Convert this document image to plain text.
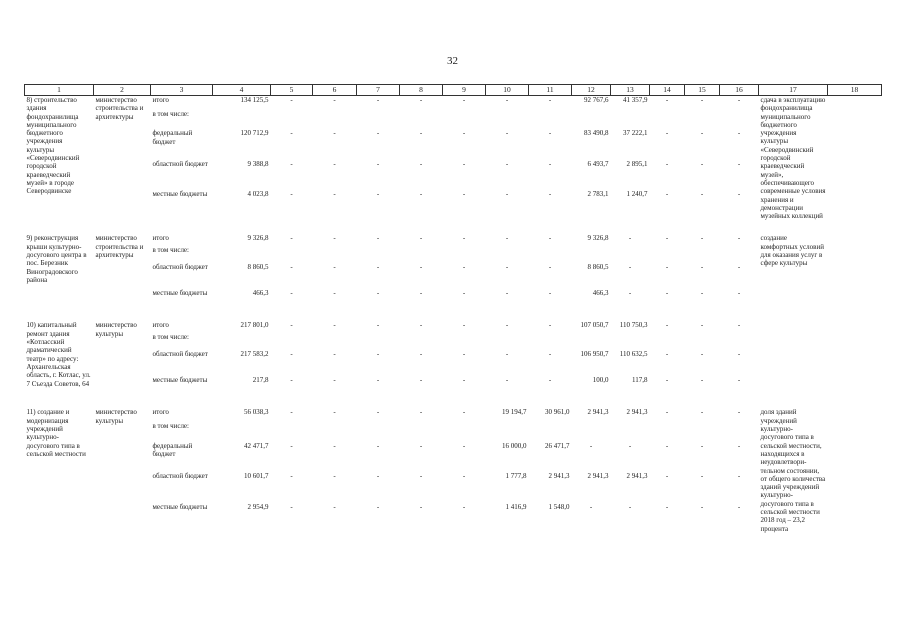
32
1	2	3	4	5	6	7	8	9	10	11	12	13	14	15	16	17	18
8) строительство здания фондохранилища муниципального бюджетного учреждения культуры «Северодвинский городской краеведческий музей» в городе Северодвинске	министерство строительства и архитектуры	итого	134 125,5	-	-	-	-	-	-	-	92 767,6	41 357,9	-	-	-	сдача в эксплуатацию фондохранилища муниципального бюджетного учреждения культуры «Северодвинский городской краеведческий музей», обеспечивающего современные условия хранения и демонстрации музейных коллекций	
		в том числе:															
		федеральный бюджет	120 712,9	-	-	-	-	-	-	-	83 490,8	37 222,1	-	-	-		
		областной бюджет	9 388,8	-	-	-	-	-	-	-	6 493,7	2 895,1	-	-	-		
		местные бюджеты	4 023,8	-	-	-	-	-	-	-	2 783,1	1 240,7	-	-	-		

9) реконструкция крыши культурно-досугового центра в пос. Березник Виноградовского района	министерство строительства и архитектуры	итого	9 326,8	-	-	-	-	-	-	-	9 326,8	-	-	-	-	создание комфортных условий для оказания услуг в сфере культуры	
		в том числе:															
		областной бюджет	8 860,5	-	-	-	-	-	-	-	8 860,5	-	-	-	-		
		местные бюджеты	466,3	-	-	-	-	-	-	-	466,3	-	-	-	-		

10) капитальный ремонт здания «Котласский драматический театр» по адресу: Архангельская область, г. Котлас, ул. 7 Съезда Советов, 64	министерство культуры	итого	217 801,0	-	-	-	-	-	-	-	107 050,7	110 750,3	-	-	-		
		в том числе:															
		областной бюджет	217 583,2	-	-	-	-	-	-	-	106 950,7	110 632,5	-	-	-		
		местные бюджеты	217,8	-	-	-	-	-	-	-	100,0	117,8	-	-	-		

11) создание и модернизация учреждений культурно-досугового типа в сельской местности	министерство культуры	итого	56 038,3	-	-	-	-	-	19 194,7	30 961,0	2 941,3	2 941,3	-	-	-	доля зданий учреждений культурно-досугового типа в сельской местности, находящихся в неудовлетвори-тельном состоянии, от общего количества зданий учреждений культурно-досугового типа в сельской местности 2018 год – 23,2 процента	
		в том числе:															
		федеральный бюджет	42 471,7	-	-	-	-	-	16 000,0	26 471,7	-	-	-	-	-		
		областной бюджет	10 601,7	-	-	-	-	-	1 777,8	2 941,3	2 941,3	2 941,3	-	-	-		
		местные бюджеты	2 954,9	-	-	-	-	-	1 416,9	1 548,0	-	-	-	-	-		
